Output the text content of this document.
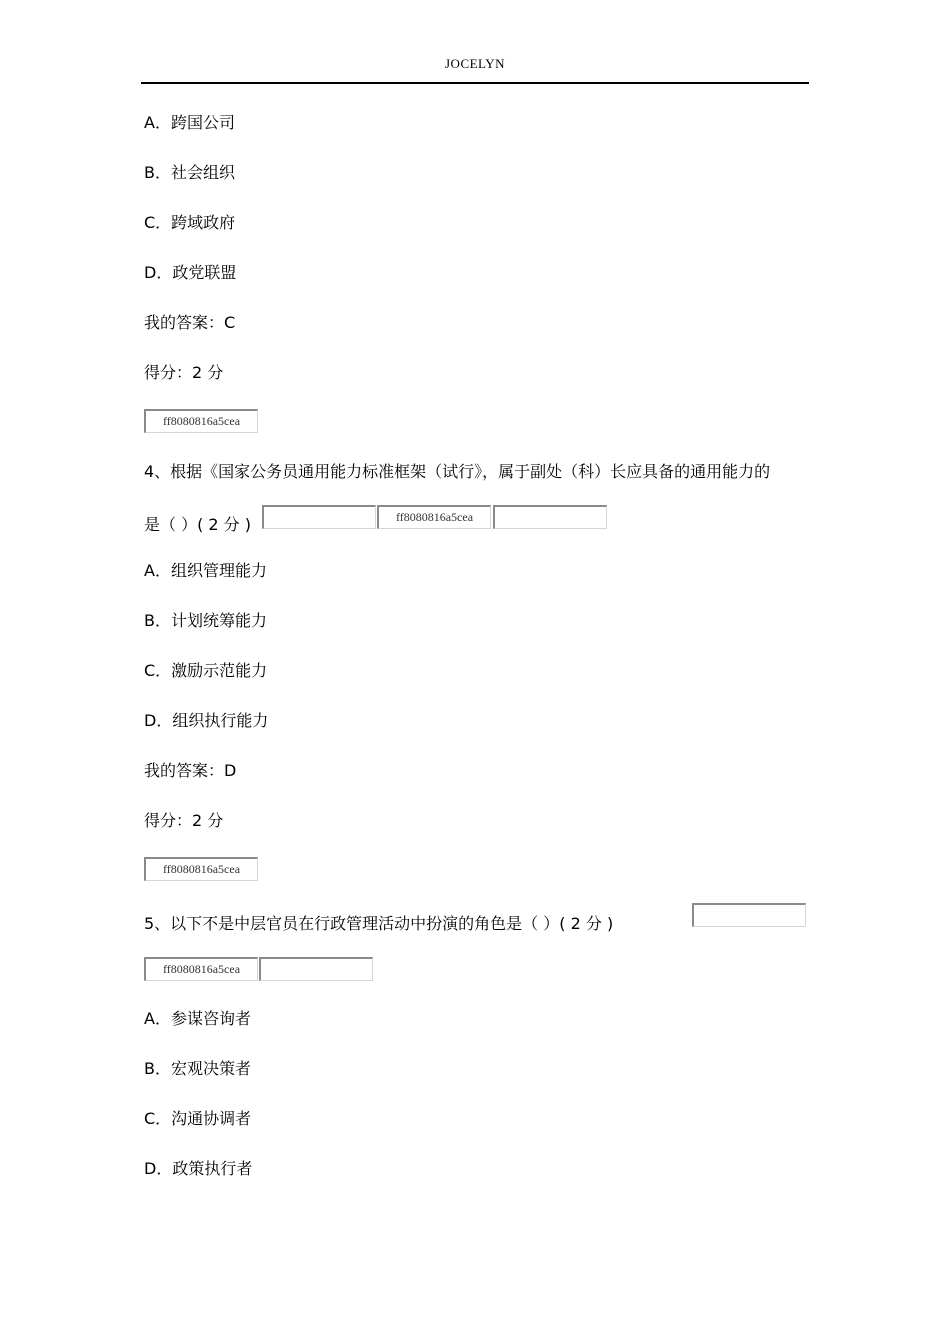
JOCELYN
A．跨国公司
B．社会组织
C．跨域政府
D．政党联盟
我的答案：C
得分：2 分
ff8080816a5cea
4、根据《国家公务员通用能力标准框架（试行》，属于副处（科）长应具备的通用能力的
是（ ）( 2 分 )	ff8080816a5cea
A．组织管理能力
B．计划统筹能力
C．激励示范能力
D．组织执行能力
我的答案：D
得分：2 分
ff8080816a5cea
5、以下不是中层官员在行政管理活动中扮演的角色是（ ）( 2 分 )
ff8080816a5cea
A．参谋咨询者
B．宏观决策者
C．沟通协调者
D．政策执行者
